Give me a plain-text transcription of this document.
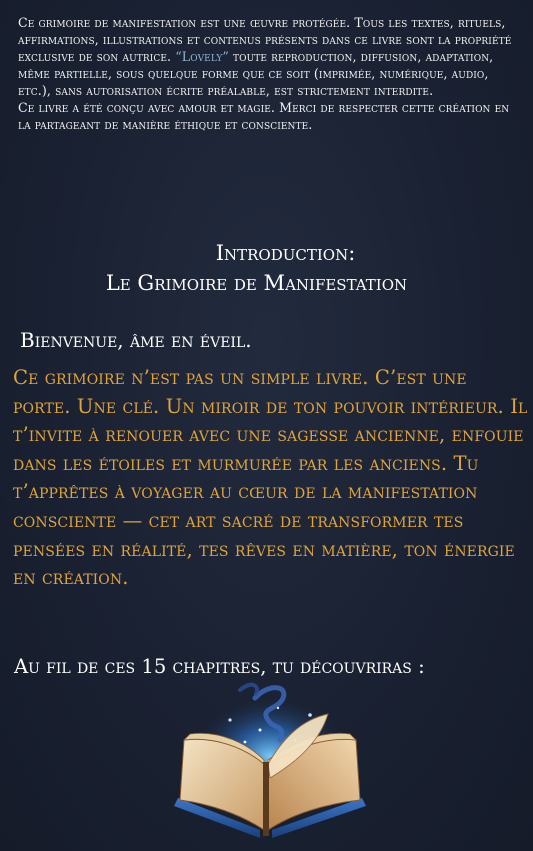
Ce grimoire de manifestation est une œuvre protégée. Tous les textes, rituels, affirmations, illustrations et contenus présents dans ce livre sont la propriété exclusive de son autrice. “Lovely” toute reproduction, diffusion, adaptation, même partielle, sous quelque forme que ce soit (imprimée, numérique, audio, etc.), sans autorisation écrite préalable, est strictement interdite.

Ce livre a été conçu avec amour et magie. Merci de respecter cette création en la partageant de manière éthique et consciente.

Introduction:
Le Grimoire de Manifestation
Bienvenue, âme en éveil.
Ce grimoire n’est pas un simple livre. C’est une porte. Une clé. Un miroir de ton pouvoir intérieur. Il t’invite à renouer avec une sagesse ancienne, enfouie dans les étoiles et murmurée par les anciens. Tu t’apprêtes à voyager au cœur de la manifestation consciente — cet art sacré de transformer tes pensées en réalité, tes rêves en matière, ton énergie en création.
Au fil de ces 15 chapitres, tu découvriras :
